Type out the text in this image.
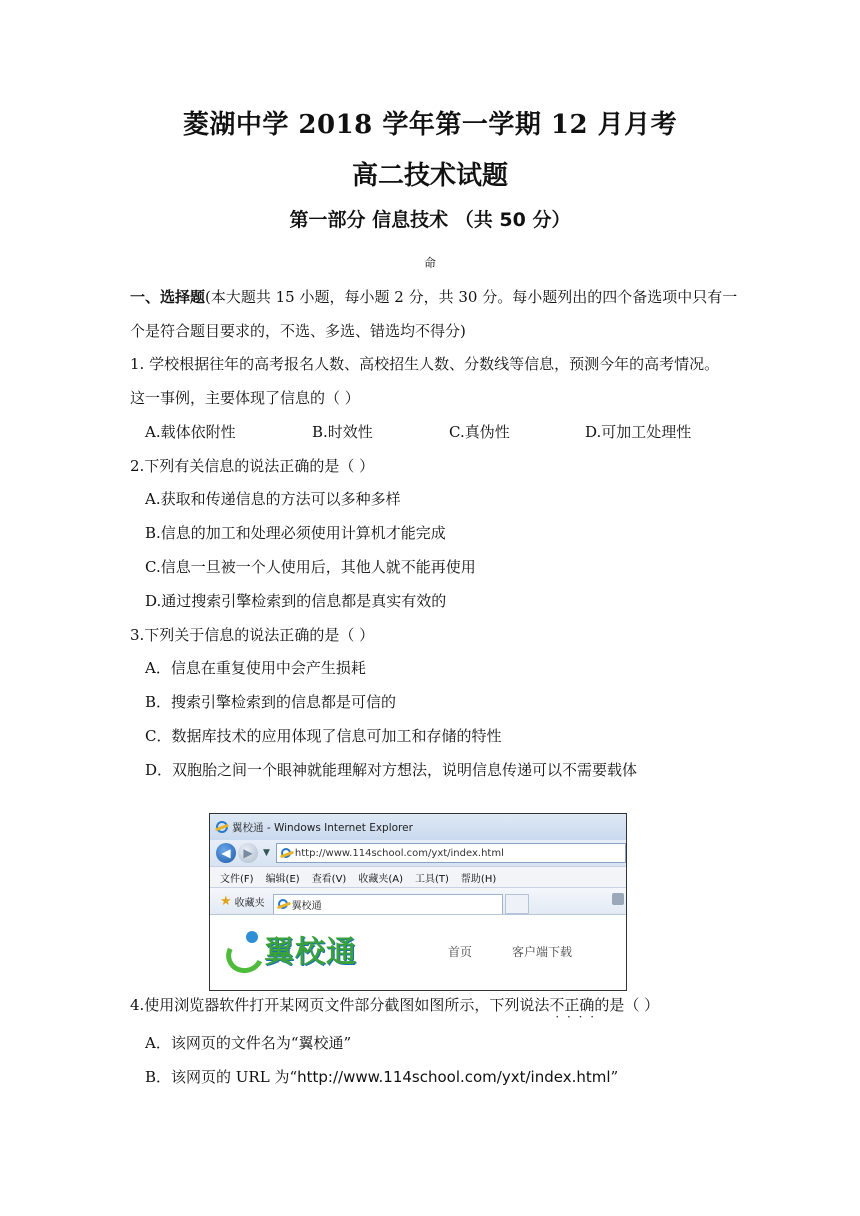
菱湖中学 2018 学年第一学期 12 月月考
高二技术试题
第一部分 信息技术 （共 50 分）
命
一、选择题(本大题共 15 小题，每小题 2 分，共 30 分。每小题列出的四个备选项中只有一
个是符合题目要求的，不选、多选、错选均不得分)
1. 学校根据往年的高考报名人数、高校招生人数、分数线等信息，预测今年的高考情况。
这一事例，主要体现了信息的（ ）
A.载体依附性	B.时效性	C.真伪性	D.可加工处理性
2.下列有关信息的说法正确的是（ ）
A.获取和传递信息的方法可以多种多样
B.信息的加工和处理必须使用计算机才能完成
C.信息一旦被一个人使用后，其他人就不能再使用
D.通过搜索引擎检索到的信息都是真实有效的
3.下列关于信息的说法正确的是（ ）
A．信息在重复使用中会产生损耗
B．搜索引擎检索到的信息都是可信的
C．数据库技术的应用体现了信息可加工和存储的特性
D．双胞胎之间一个眼神就能理解对方想法，说明信息传递可以不需要载体
翼校通 - Windows Internet Explorer
◀	▶	▼	http://www.114school.com/yxt/index.html
文件(F) 编辑(E) 查看(V) 收藏夹(A) 工具(T) 帮助(H)
★ 收藏夹	翼校通
翼校通	首页	客户端下载
4.使用浏览器软件打开某网页文件部分截图如图所示，下列说法不正确 · · · ·的是（ ）
A．该网页的文件名为“翼校通”
B．该网页的 URL 为“http://www.114school.com/yxt/index.html”
